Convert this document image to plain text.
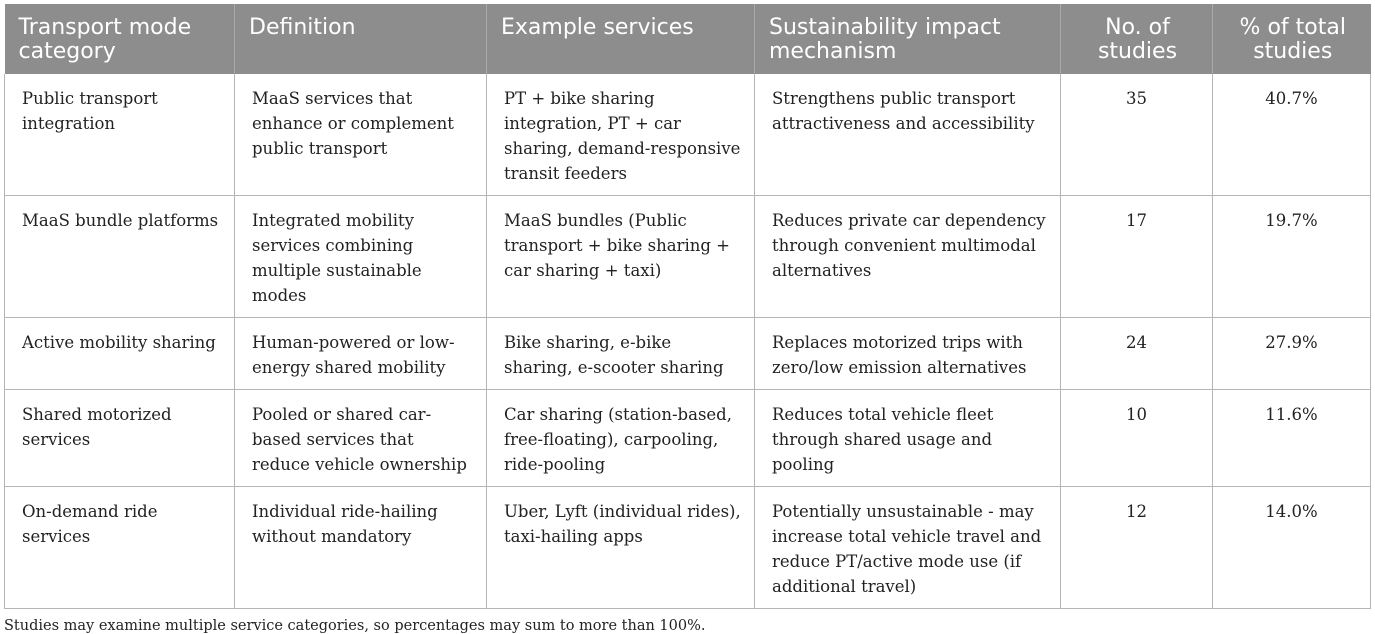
Transport mode category	Definition	Example services	Sustainability impact mechanism	No. of studies	% of total studies
Public transport integration	MaaS services that enhance or complement public transport	PT + bike sharing integration, PT + car sharing, demand-responsive transit feeders	Strengthens public transport attractiveness and accessibility	35	40.7%
MaaS bundle platforms	Integrated mobility services combining multiple sustainable modes	MaaS bundles (Public transport + bike sharing + car sharing + taxi)	Reduces private car dependency through convenient multimodal alternatives	17	19.7%
Active mobility sharing	Human-powered or low-energy shared mobility	Bike sharing, e-bike sharing, e-scooter sharing	Replaces motorized trips with zero/low emission alternatives	24	27.9%
Shared motorized services	Pooled or shared car-based services that reduce vehicle ownership	Car sharing (station-based, free-floating), carpooling, ride-pooling	Reduces total vehicle fleet through shared usage and pooling	10	11.6%
On-demand ride services	Individual ride-hailing without mandatory	Uber, Lyft (individual rides), taxi-hailing apps	Potentially unsustainable - may increase total vehicle travel and reduce PT/active mode use (if additional travel)	12	14.0%
Studies may examine multiple service categories, so percentages may sum to more than 100%.
